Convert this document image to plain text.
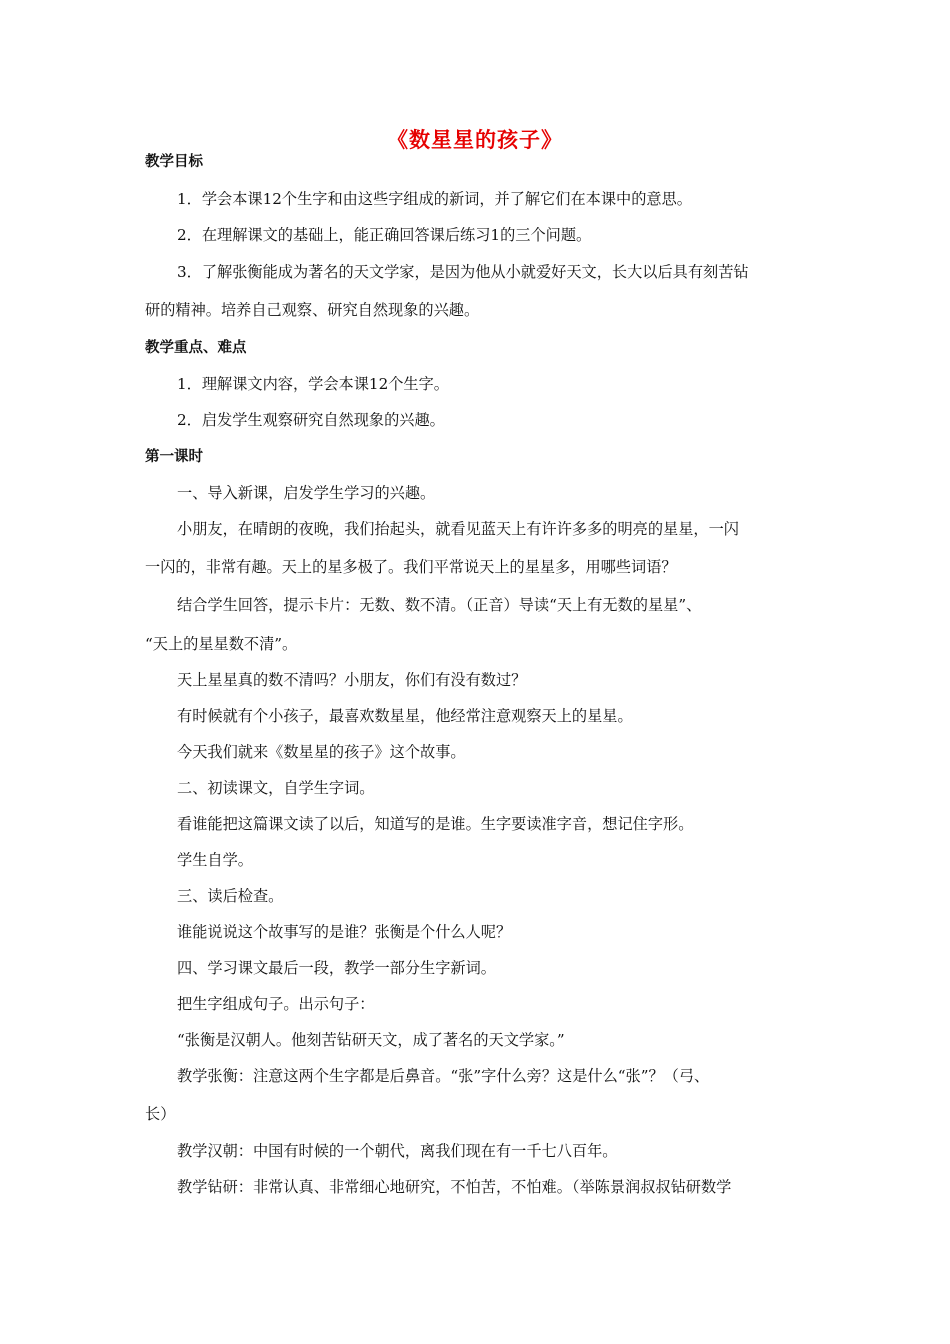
《数星星的孩子》
教学目标
1．学会本课12个生字和由这些字组成的新词，并了解它们在本课中的意思。
2．在理解课文的基础上，能正确回答课后练习1的三个问题。
3．了解张衡能成为著名的天文学家，是因为他从小就爱好天文，长大以后具有刻苦钻
研的精神。培养自己观察、研究自然现象的兴趣。
教学重点、难点
1．理解课文内容，学会本课12个生字。
2．启发学生观察研究自然现象的兴趣。
第一课时
一、导入新课，启发学生学习的兴趣。
小朋友，在晴朗的夜晚，我们抬起头，就看见蓝天上有许许多多的明亮的星星，一闪
一闪的，非常有趣。天上的星多极了。我们平常说天上的星星多，用哪些词语？
结合学生回答，提示卡片：无数、数不清。（正音）导读“天上有无数的星星”、
“天上的星星数不清”。
天上星星真的数不清吗？小朋友，你们有没有数过？
有时候就有个小孩子，最喜欢数星星，他经常注意观察天上的星星。
今天我们就来《数星星的孩子》这个故事。
二、初读课文，自学生字词。
看谁能把这篇课文读了以后，知道写的是谁。生字要读准字音，想记住字形。
学生自学。
三、读后检查。
谁能说说这个故事写的是谁？张衡是个什么人呢？
四、学习课文最后一段，教学一部分生字新词。
把生字组成句子。出示句子：
“张衡是汉朝人。他刻苦钻研天文，成了著名的天文学家。”
教学张衡：注意这两个生字都是后鼻音。“张”字什么旁？这是什么“张”？（弓、
长）
教学汉朝：中国有时候的一个朝代，离我们现在有一千七八百年。
教学钻研：非常认真、非常细心地研究，不怕苦，不怕难。（举陈景润叔叔钻研数学
